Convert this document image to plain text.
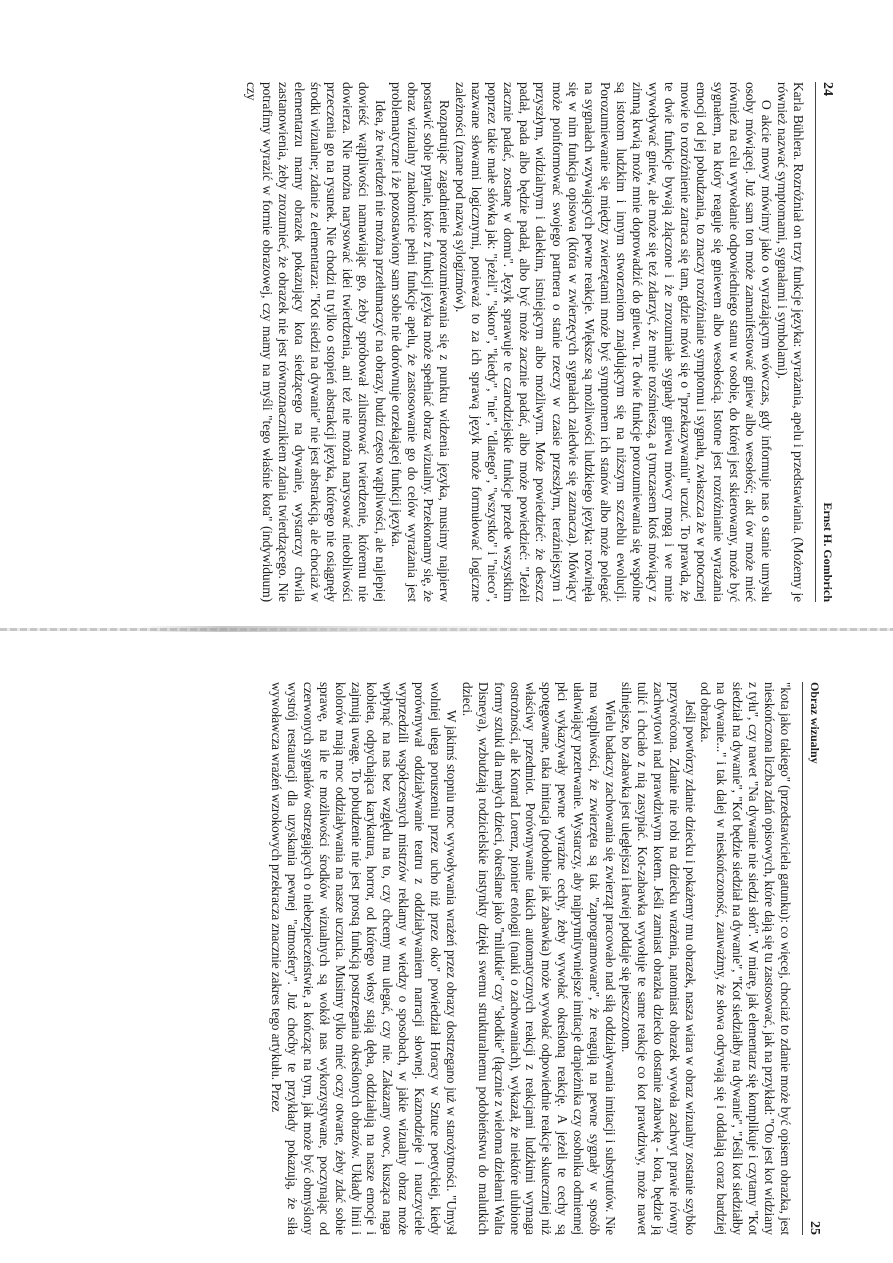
24
Ernst H. Gombrich

Karla Bühlera. Rozróżniał on trzy funkcje języka: wyrażania, apelu i przedstawiania. (Możemy je również nazwać symptomami, sygnałami i symbolami).

O akcie mowy mówimy jako o wyrażającym wówczas, gdy informuje nas o stanie umysłu osoby mówiącej. Już sam ton może zamanifestować gniew albo wesołość; akt ów może mieć również na celu wywołanie odpowiedniego stanu w osobie, do której jest skierowany, może być sygnałem, na który reaguje się gniewem albo wesołością. Istotne jest rozróżnianie wyrażania emocji od jej pobudzania, to znaczy rozróżnianie symptomu i sygnału, zwłaszcza że w potocznej mowie to rozróżnienie zatraca się tam, gdzie mówi się o "przekazywaniu" uczuć. To prawda, że te dwie funkcje bywają złączone i że zrozumiałe sygnały gniewu mówcy mogą i we mnie wywoływać gniew, ale może się też zdarzyć, że mnie rozśmieszą, a tymczasem ktoś mówiący z zimną krwią może mnie doprowadzić do gniewu. Te dwie funkcje porozumiewania się wspólne są istotom ludzkim i innym stworzeniom znajdującym się na niższym szczeblu ewolucji. Porozumiewanie się między zwierzętami może być symptomem ich stanów albo może polegać na sygnałach wzywających pewne reakcje. Większe są możliwości ludzkiego języka: rozwinęła się w nim funkcja opisowa (która w zwierzęcych sygnałach zaledwie się zaznacza). Mówiący może poinformować swojego partnera o stanie rzeczy w czasie przeszłym, teraźniejszym i przyszłym, widzialnym i dalekim, istniejącym albo możliwym. Może powiedzieć: że deszcz padał, pada albo będzie padał, albo być może zacznie padać, albo może powiedzieć: "Jeżeli zacznie padać, zostanę w domu". Język sprawuje te czarodziejskie funkcje przede wszystkim poprzez takie małe słówka jak: "jeżeli", "skoro", "kiedy", "nie", "dlatego", "wszystko" i "nieco", nazwane słowami logicznymi, ponieważ to za ich sprawą język może formułować logiczne zależności (znane pod nazwą sylogizmów).

Rozpatrując zagadnienie porozumiewania się z punktu widzenia języka, musimy najpierw postawić sobie pytanie, które z funkcji języka może spełniać obraz wizualny. Przekonamy się, że obraz wizualny znakomicie pełni funkcje apelu, że zastosowanie go do celów wyrażania jest problematyczne i że pozostawiony sam sobie nie dorównuje orzekającej funkcji języka.

Idea, że twierdzeń nie można przetłumaczyć na obrazy, budzi często wątpliwości, ale najlepiej dowieść wątpliwości namawiając go, żeby spróbował zilustrować twierdzenie, któremu nie dowierza. Nie można narysować idei twierdzenia, ani też nie można narysować nieobliwości przeczenia go na rysunek. Nie chodzi tu tylko o stopień abstrakcji języka, którego nie osiągnęły środki wizualne; zdanie z elementarza: "Kot siedzi na dywanie" nie jest abstrakcją, ale chociaż w elementarzu mamy obrazek pokazujący kota siedzącego na dywanie, wystarczy chwila zastanowienia, żeby zrozumieć, że obrazek nie jest równoznacznikiem zdania twierdzącego. Nie potrafimy wyrazić w formie obrazowej, czy mamy na myśli "tego właśnie kota" (indywiduum) czy

25
Obraz wizualny

"kota jako takiego" (przedstawiciela gatunku): co więcej, chociaż to zdanie może być opisem obrazka, jest nieskończona liczba zdań opisowych, które dają się tu zastosować, jak na przykład: "Oto jest kot widziany z tyłu", czy nawet "Na dywanie nie siedzi słoń". W miarę, jak elementarz się komplikuje i czytamy "Kot siedział na dywanie", "Kot będzie siedział na dywanie", "Kot siedziałby na dywanie", "Jeśli kot siedziałby na dywanie..." i tak dalej w nieskończoność, zauważmy, że słowa odrywają się i oddalają coraz bardziej od obrazka.

Jeśli powtórzy zdanie dziecku i pokażemy mu obrazek, nasza wiara w obraz wizualny zostanie szybko przywrócona. Zdanie nie robi na dziecku wrażenia, natomiast obrazek wywoła zachwyt prawie równy zachwytowi nad prawdziwym kotem. Jeśli zamiast obrazka dziecko dostanie zabawkę - kota, będzie ją tulić i chciało z nią zasypiać. Kot-zabawka wywołuje te same reakcje co kot prawdziwy, może nawet silniejsze, bo zabawka jest uległejsza i łatwiej poddaje się pieszczotom.

Wielu badaczy zachowania się zwierząt pracowało nad siłą oddziaływania imitacji i substytutów. Nie ma wątpliwości, że zwierzęta są tak "zaprogramowane", że reagują na pewne sygnały w sposób ułatwiający przetrwanie. Wystarczy, aby najprymitywniejsze imitacje drapieżnika czy osobnika odmiennej płci wykazywały pewne wyraźne cechy, żeby wywołać określoną reakcję. A jeżeli te cechy są spotęgowane, taka imitacja (podobnie jak zabawka) może wywołać odpowiednie reakcje skuteczniej niż właściwy przedmiot. Porównywanie takich automatycznych reakcji z reakcjami ludzkimi wymaga ostrożności, ale Konrad Lorenz, pionier etologii (nauki o zachowaniach), wykazał, że niektóre ulubione formy sztuki dla małych dzieci, określane jako "milutkie" czy "słodkie" (łącznie z wieloma dziełami Walta Disneya), wzbudzają rodzicielskie instynkty dzięki swemu strukturalnemu podobieństwu do malutkich dzieci.

W jakimś stopniu moc wywoływania wrażeń przez obrazy dostrzegano już w starożytności. "Umysł wolniej ulega poruszeniu przez ucho niż przez oko" powiedział Horacy w Sztuce poetyckiej, kiedy porównywał oddziaływanie teatru z oddziaływaniem narracji słownej. Kaznodzieje i nauczyciele wyprzedzili współczesnych mistrzów reklamy w wiedzy o sposobach, w jakie wizualny obraz może wpłynąć na nas bez względu na to, czy chcemy mu ulegać, czy nie. Zakazany owoc, kusząca naga kobieta, odpychająca karykatura, horror, od którego włosy stają dęba, oddziałują na nasze emocje i zajmują uwagę. To pobudzenie nie jest prostą funkcją postrzegania określonych obrazów. Układy linii i kolorów mają moc oddziaływania na nasze uczucia. Musimy tylko mieć oczy otwarte, żeby zdać sobie sprawę, na ile te możliwości środków wizualnych są wokół nas wykorzystywane, poczynając od czerwonych sygnałów ostrzegających o niebezpieczeństwie, a kończąc na tym, jak może być obmyślony wystrój restauracji dla uzyskania pewnej "atmosfery". Już choćby te przykłady pokazują, że siła wywoławcza wrażeń wzrokowych przekracza znacznie zakres tego artykułu. Przez
